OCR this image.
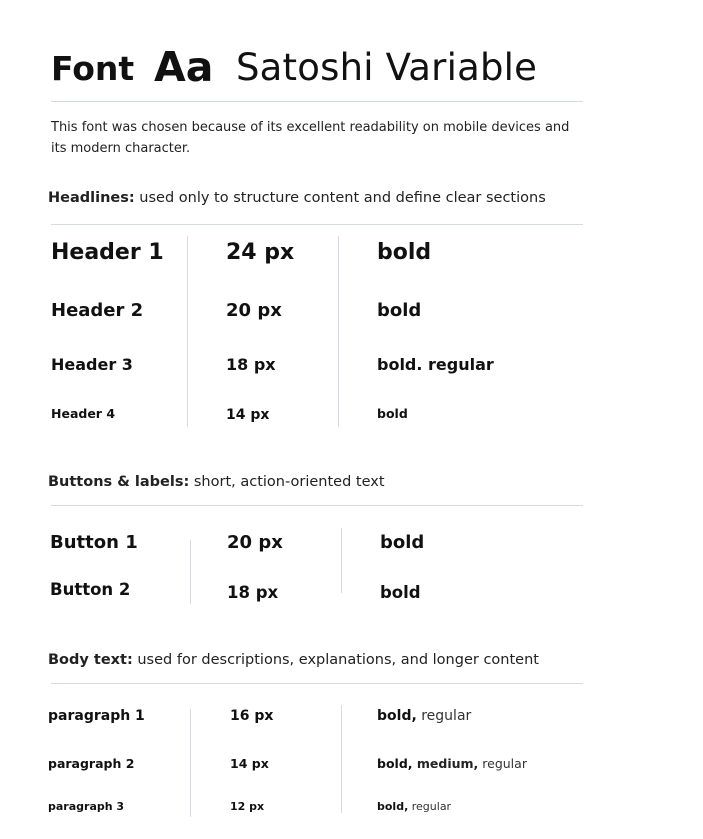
Font Aa Satoshi Variable
This font was chosen because of its excellent readability on mobile devices and its modern character.
Headlines: used only to structure content and define clear sections
Header 1	24 px	bold
Header 2	20 px	bold
Header 3	18 px	bold. regular
Header 4	14 px	bold
Buttons & labels: short, action-oriented text
Button 1	20 px	bold
Button 2	18 px	bold
Body text: used for descriptions, explanations, and longer content
paragraph 1	16 px	bold, regular
paragraph 2	14 px	bold, medium, regular
paragraph 3	12 px	bold, regular
